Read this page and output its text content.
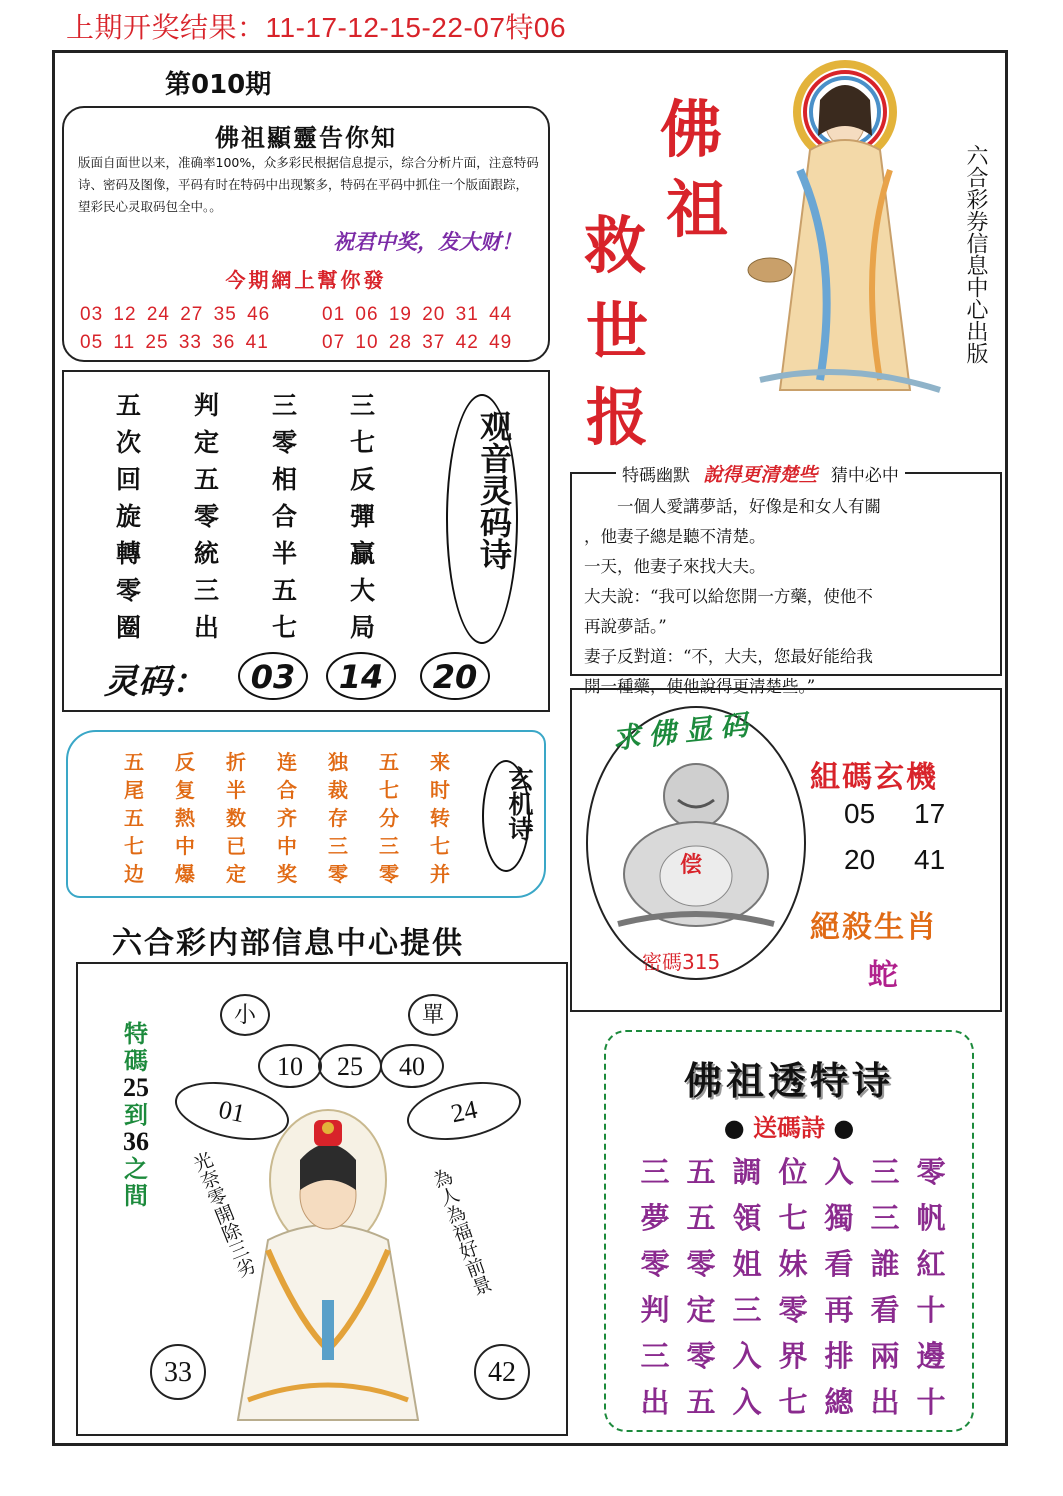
上期开奖结果：11-17-12-15-22-07特06
第010期
佛祖顯靈告你知
版面自面世以来，准确率100%，众多彩民根据信息提示，综合分析片面，注意特码诗、密码及图像，平码有时在特码中出现繁多，特码在平码中抓住一个版面跟踪，望彩民心灵取码包全中。。
祝君中奖，发大财！
今期網上幫你發
03 12 24 27 35 46	01 06 19 20 31 44
05 11 25 33 36 41	07 10 28 37 42 49
五	判	三	三
次	定	零	七
回	五	相	反
旋	零	合	彈
轉	統	半	贏
零	三	五	大
圈	出	七	局
观音灵码诗
灵码：	03	14	20
五	反	折	连	独	五	来
尾	复	半	合	裁	七	时
五	熱	数	齐	存	分	转
七	中	已	中	三	三	七
边	爆	定	奖	零	零	并
玄机诗
六合彩内部信息中心提供
小	單
10	25	40
01	24
特
碼
25
到
36
之
間	光奈零開除三劣	為人為福好前景
33	42
佛
祖
救
世
报
六合彩券信息中心出版
特碼幽默 說得更清楚些 猜中必中
一個人愛講夢話，好像是和女人有關
，他妻子總是聽不清楚。
一天，他妻子來找大夫。
大夫說：“我可以給您開一方藥，使他不
再說夢話。”
妻子反對道：“不，大夫，您最好能给我
開一種藥，使他說得更清楚些。”
求佛显码
偿
密碼315
組碼玄機
05 17
20 41
絕殺生肖
蛇
佛祖透特诗
● 送碼詩 ●
三 五 調 位 入 三 零
夢 五 領 七 獨 三 帆
零 零 姐 妹 看 誰 紅
判 定 三 零 再 看 十
三 零 入 界 排 兩 邊
出 五 入 七 總 出 十
